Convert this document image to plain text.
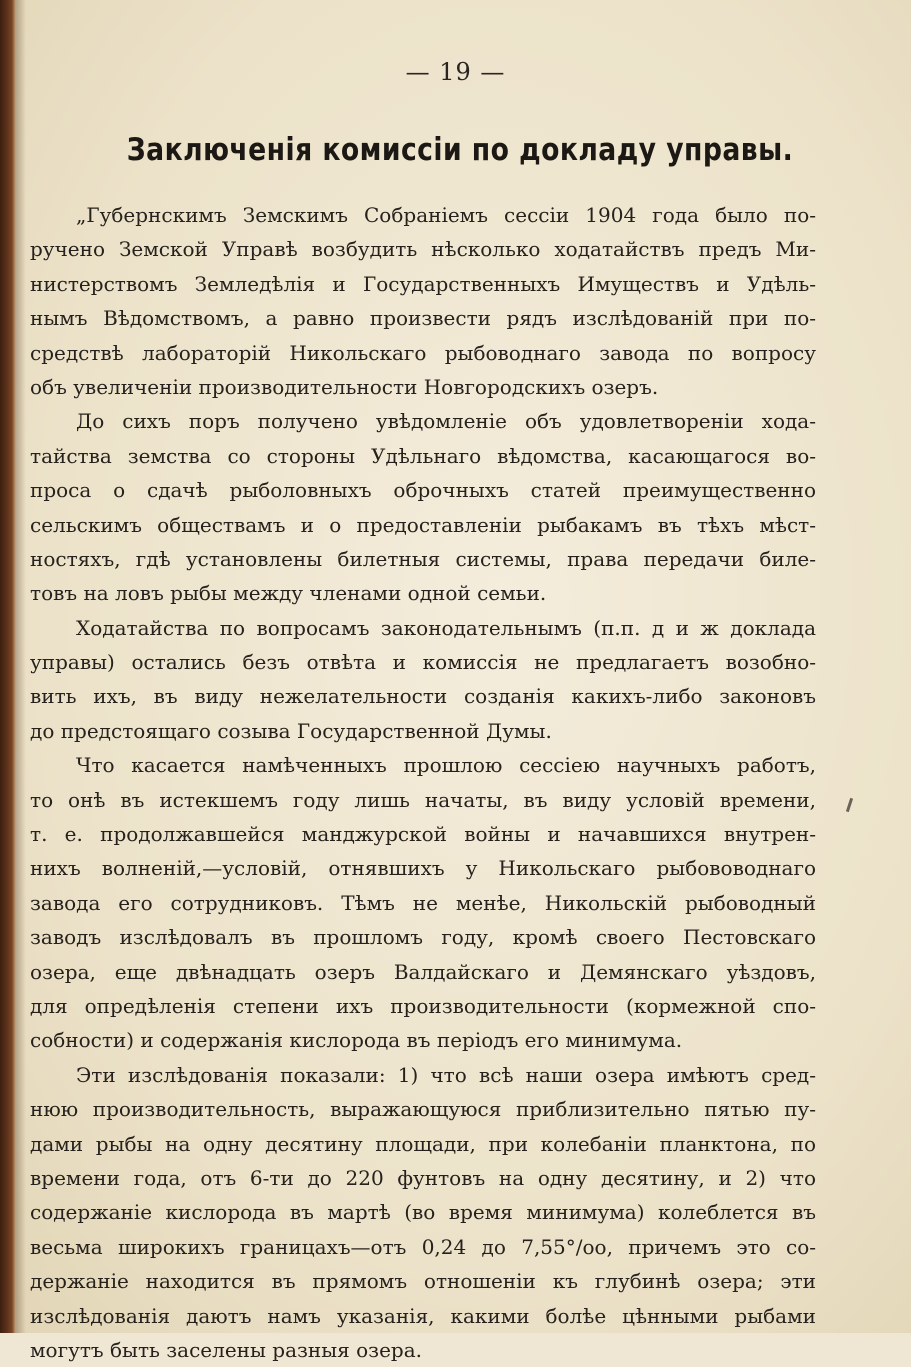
— 19 —
Заключенія комиссіи по докладу управы.
„Губернскимъ Земскимъ Собраніемъ сессіи 1904 года было по-
ручено Земской Управѣ возбудить нѣсколько ходатайствъ предъ Ми-
нистерствомъ Земледѣлія и Государственныхъ Имуществъ и Удѣль-
нымъ Вѣдомствомъ, а равно произвести рядъ изслѣдованій при по-
средствѣ лабораторій Никольскаго рыбоводнаго завода по вопросу
объ увеличеніи производительности Новгородскихъ озеръ.
До сихъ поръ получено увѣдомленіе объ удовлетвореніи хода-
тайства земства со стороны Удѣльнаго вѣдомства, касающагося во-
проса о сдачѣ рыболовныхъ оброчныхъ статей преимущественно
сельскимъ обществамъ и о предоставленіи рыбакамъ въ тѣхъ мѣст-
ностяхъ, гдѣ установлены билетныя системы, права передачи биле-
товъ на ловъ рыбы между членами одной семьи.
Ходатайства по вопросамъ законодательнымъ (п.п. д и ж доклада
управы) остались безъ отвѣта и комиссія не предлагаетъ возобно-
вить ихъ, въ виду нежелательности созданія какихъ-либо законовъ
до предстоящаго созыва Государственной Думы.
Что касается намѣченныхъ прошлою сессіею научныхъ работъ,
то онѣ въ истекшемъ году лишь начаты, въ виду условій времени,
т. е. продолжавшейся манджурской войны и начавшихся внутрен-
нихъ волненій,—условій, отнявшихъ у Никольскаго рыбововоднаго
завода его сотрудниковъ. Тѣмъ не менѣе, Никольскій рыбоводный
заводъ изслѣдовалъ въ прошломъ году, кромѣ своего Пестовскаго
озера, еще двѣнадцать озеръ Валдайскаго и Демянскаго уѣздовъ,
для опредѣленія степени ихъ производительности (кормежной спо-
собности) и содержанія кислорода въ періодъ его минимума.
Эти изслѣдованія показали: 1) что всѣ наши озера имѣютъ сред-
нюю производительность, выражающуюся приблизительно пятью пу-
дами рыбы на одну десятину площади, при колебаніи планктона, по
времени года, отъ 6-ти до 220 фунтовъ на одну десятину, и 2) что
содержаніе кислорода въ мартѣ (во время минимума) колеблется въ
весьма широкихъ границахъ—отъ 0,24 до 7,55°/oo, причемъ это со-
держаніе находится въ прямомъ отношеніи къ глубинѣ озера; эти
изслѣдованія даютъ намъ указанія, какими болѣе цѣнными рыбами
могутъ быть заселены разныя озера.
